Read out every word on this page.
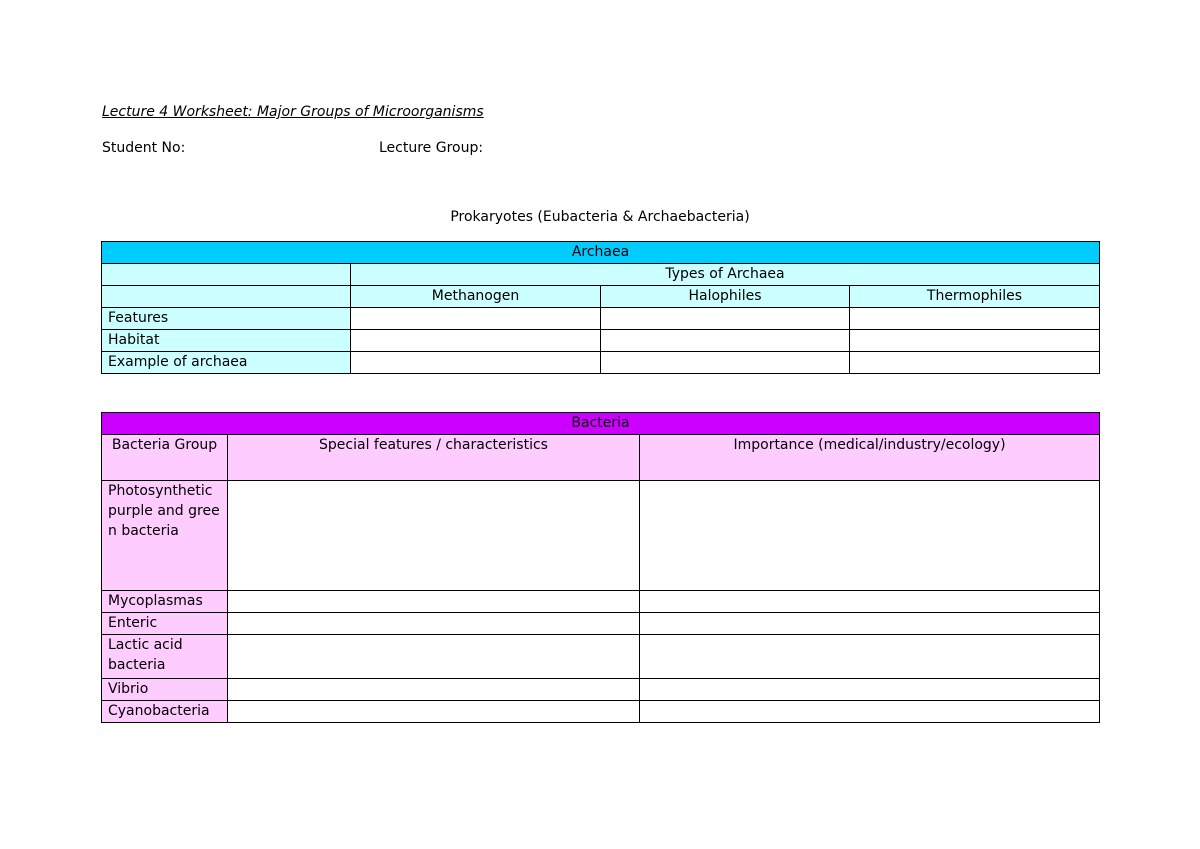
Lecture 4 Worksheet: Major Groups of Microorganisms
Student No:	Lecture Group:
Prokaryotes (Eubacteria & Archaebacteria)
Archaea			
	Types of Archaea		
	Methanogen	Halophiles	Thermophiles
Features			
Habitat			
Example of archaea			
Bacteria		
Bacteria Group	Special features / characteristics	Importance (medical/industry/ecology)
Photosynthetic purple and green bacteria		
Mycoplasmas		
Enteric		
Lactic acid bacteria		
Vibrio		
Cyanobacteria		
